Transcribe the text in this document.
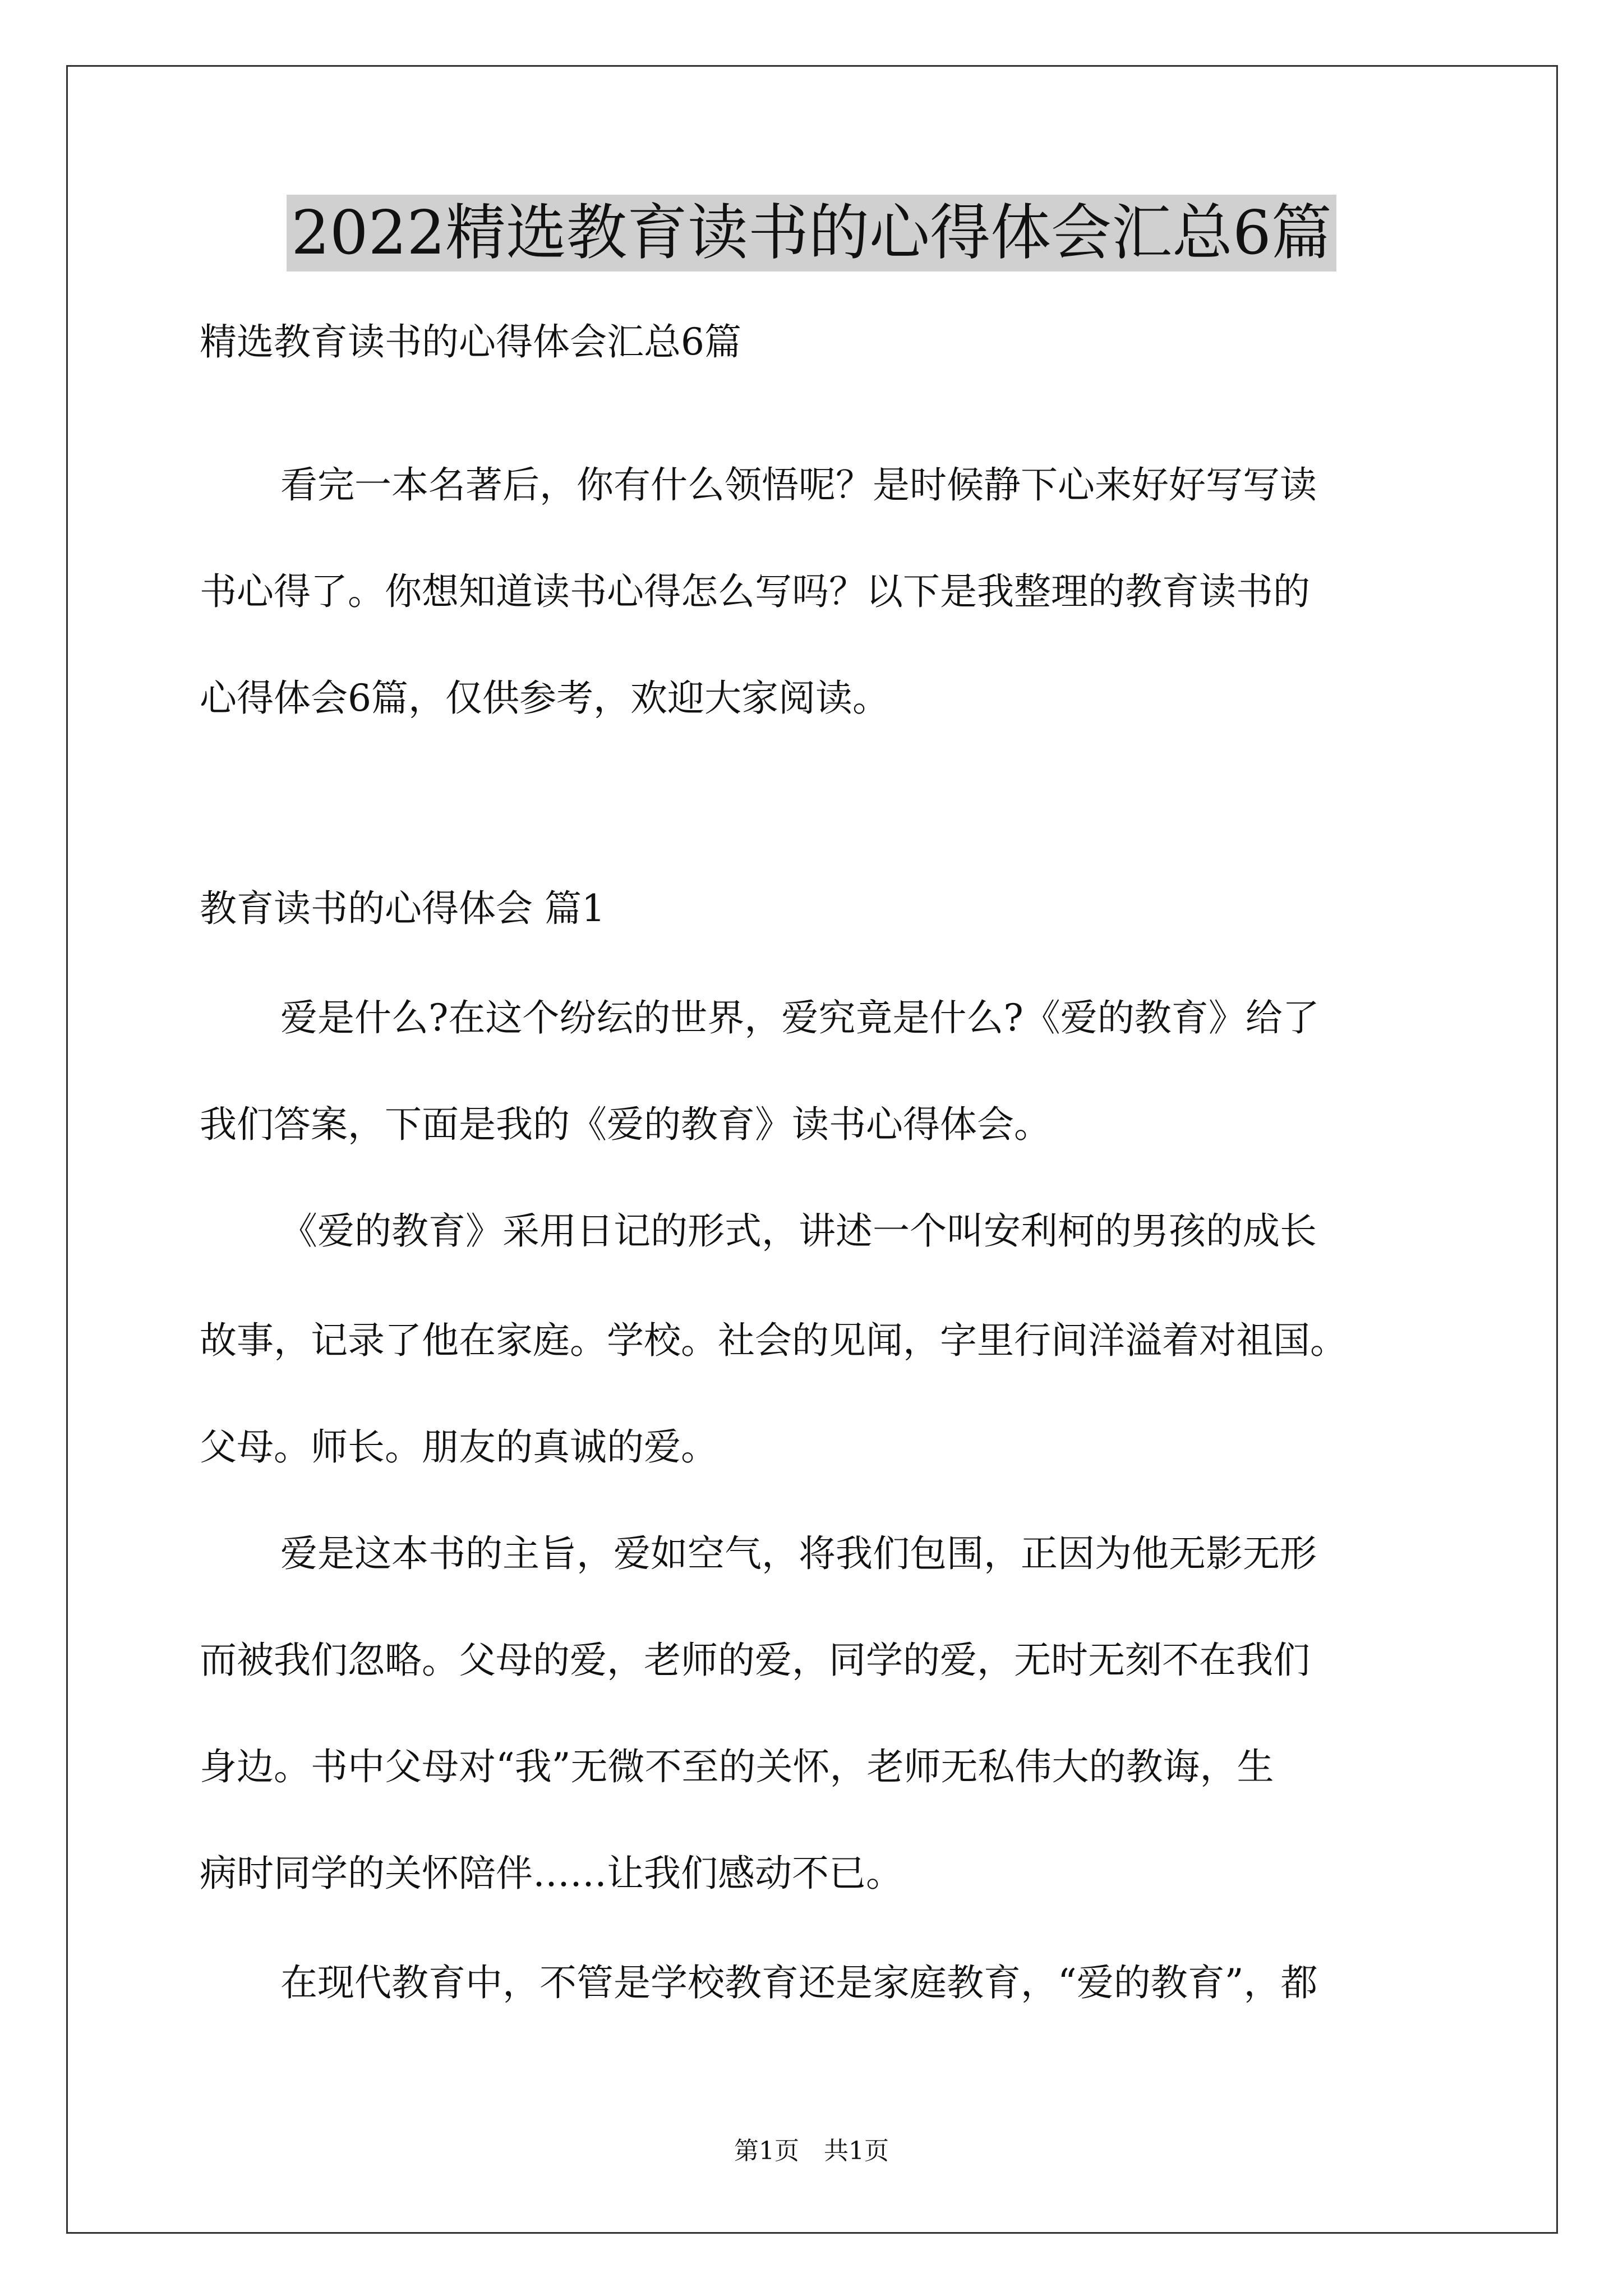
2022精选教育读书的心得体会汇总6篇

精选教育读书的心得体会汇总6篇

看完一本名著后，你有什么领悟呢？是时候静下心来好好写写读

书心得了。你想知道读书心得怎么写吗？以下是我整理的教育读书的

心得体会6篇，仅供参考，欢迎大家阅读。

教育读书的心得体会 篇1

爱是什么?在这个纷纭的世界，爱究竟是什么?《爱的教育》给了

我们答案，下面是我的《爱的教育》读书心得体会。

《爱的教育》采用日记的形式，讲述一个叫安利柯的男孩的成长

故事，记录了他在家庭。学校。社会的见闻，字里行间洋溢着对祖国。

父母。师长。朋友的真诚的爱。

爱是这本书的主旨，爱如空气，将我们包围，正因为他无影无形

而被我们忽略。父母的爱，老师的爱，同学的爱，无时无刻不在我们

身边。书中父母对“我”无微不至的关怀，老师无私伟大的教诲，生

病时同学的关怀陪伴……让我们感动不已。

在现代教育中，不管是学校教育还是家庭教育，“爱的教育”，都

第1页 共1页
